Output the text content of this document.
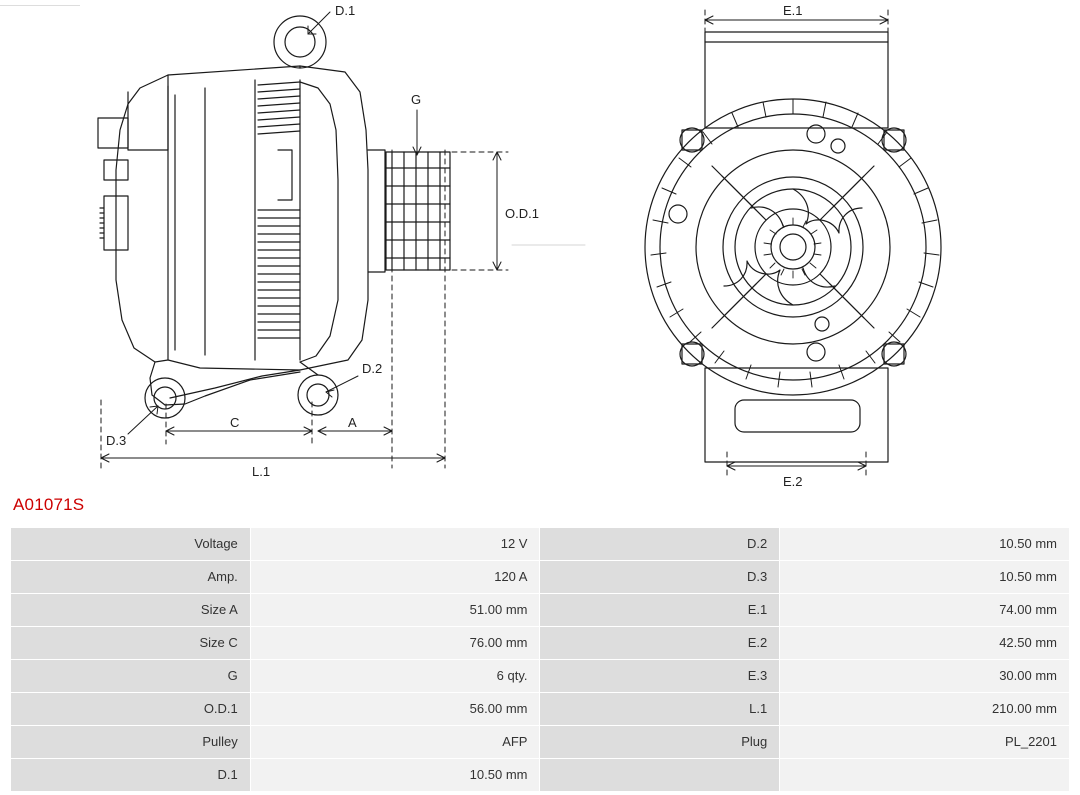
D.1
D.2
D.3
G
O.D.1
C	A
L.1
E.1
E.2
A01071S
Voltage	12 V	D.2	10.50 mm
Amp.	120 A	D.3	10.50 mm
Size A	51.00 mm	E.1	74.00 mm
Size C	76.00 mm	E.2	42.50 mm
G	6 qty.	E.3	30.00 mm
O.D.1	56.00 mm	L.1	210.00 mm
Pulley	AFP	Plug	PL_2201
D.1	10.50 mm		
